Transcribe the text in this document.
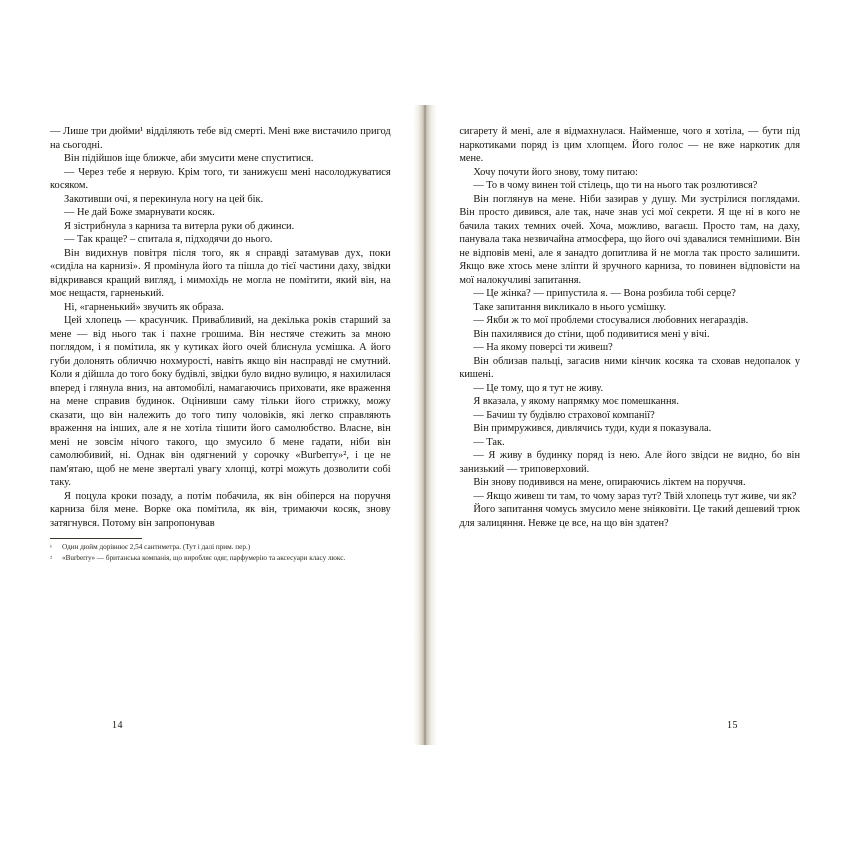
— Лише три дюйми¹ відділяють тебе від смерті. Мені вже вистачило пригод на сьогодні.

Він підійшов іще ближче, аби змусити мене спуститися.

— Через тебе я нервую. Крім того, ти занижуєш мені насолоджуватися косяком.

Закотивши очі, я перекинула ногу на цей бік.

— Не дай Боже змарнувати косяк.

Я зістрибнула з карниза та витерла руки об джинси.

— Так краще? – спитала я, підходячи до нього.

Він видихнув повітря після того, як я справді затамував дух, поки «сиділа на карнизі». Я промінула його та пішла до тієї частини даху, звідки відкривався кращий вигляд, і мимохідь не могла не помітити, який він, на моє нещастя, гарненький.

Ні, «гарненький» звучить як образа.

Цей хлопець — красунчик. Привабливий, на декілька років старший за мене — від нього так і пахне грошима. Він нестяче стежить за мною поглядом, і я помітила, як у кутиках його очей блиснула усмішка. А його губи долонять обличчю нохмурості, навіть якщо він насправді не смутний. Коли я дійшла до того боку будівлі, звідки було видно вулицю, я нахилилася вперед і глянула вниз, на автомобілі, намагаючись приховати, яке враження на мене справив будинок. Оцінивши саму тільки його стрижку, можу сказати, що він належить до того типу чоловіків, які легко справляють враження на інших, але я не хотіла тішити його самолюбство. Власне, він мені не зовсім нічого такого, що змусило б мене гадати, ніби він самолюбивий, ні. Однак він одягнений у сорочку «Burberry»², і це не пам'ятаю, щоб не мене зверталі увагу хлопці, котрі можуть дозволити собі таку.

Я поцула кроки позаду, а потім побачила, як він обіперся на поручня карниза біля мене. Ворке ока помітила, як він, тримаючи косяк, знову затягнувся. Потому він запропонував

¹	Один дюйм дорівнює 2,54 сантиметра. (Тут і далі прим. пер.)
²	«Burberry» — британська компанія, що виробляє одяг, парфумерію та аксесуари класу люкс.
14

сигарету й мені, але я відмахнулася. Найменше, чого я хотіла, — бути під наркотиками поряд із цим хлопцем. Його голос — не вже наркотик для мене.

Хочу почути його знову, тому питаю:

— То в чому винен той стілець, що ти на нього так розлютився?

Він поглянув на мене. Ніби зазирав у душу. Ми зустрілися поглядами. Він просто дивився, але так, наче знав усі мої секрети. Я ще ні в кого не бачила таких темних очей. Хоча, можливо, вагаєш. Просто там, на даху, панувала така незвичайна атмосфера, що його очі здавалися темнішими. Він не відповів мені, але я занадто допитлива й не могла так просто залишити. Якщо вже хтось мене зліпти й зручного карниза, то повинен відповісти на мої налокучливі запитання.

— Це жінка? — припустила я. — Вона розбила тобі серце?

Таке запитання викликало в нього усмішку.

— Якби ж то мої проблеми стосувалися любовних негараздів.

Він пахилявися до стіни, щоб подивитися мені у вічі.

— На якому поверсі ти живеш?

Він облизав пальці, загасив ними кінчик косяка та сховав недопалок у кишені.

— Це тому, що я тут не живу.

Я вказала, у якому напрямку моє помешкання.

— Бачиш ту будівлю страхової компанії?

Він примружився, дивлячись туди, куди я показувала.

— Так.

— Я живу в будинку поряд із нею. Але його звідси не видно, бо він занизький — триповерховий.

Він знову подивився на мене, опираючись ліктем на поруччя.

— Якщо живеш ти там, то чому зараз тут? Твій хлопець тут живе, чи як?

Його запитання чомусь змусило мене зніяковіти. Це такий дешевий трюк для залицяння. Невже це все, на що він здатен?

15
